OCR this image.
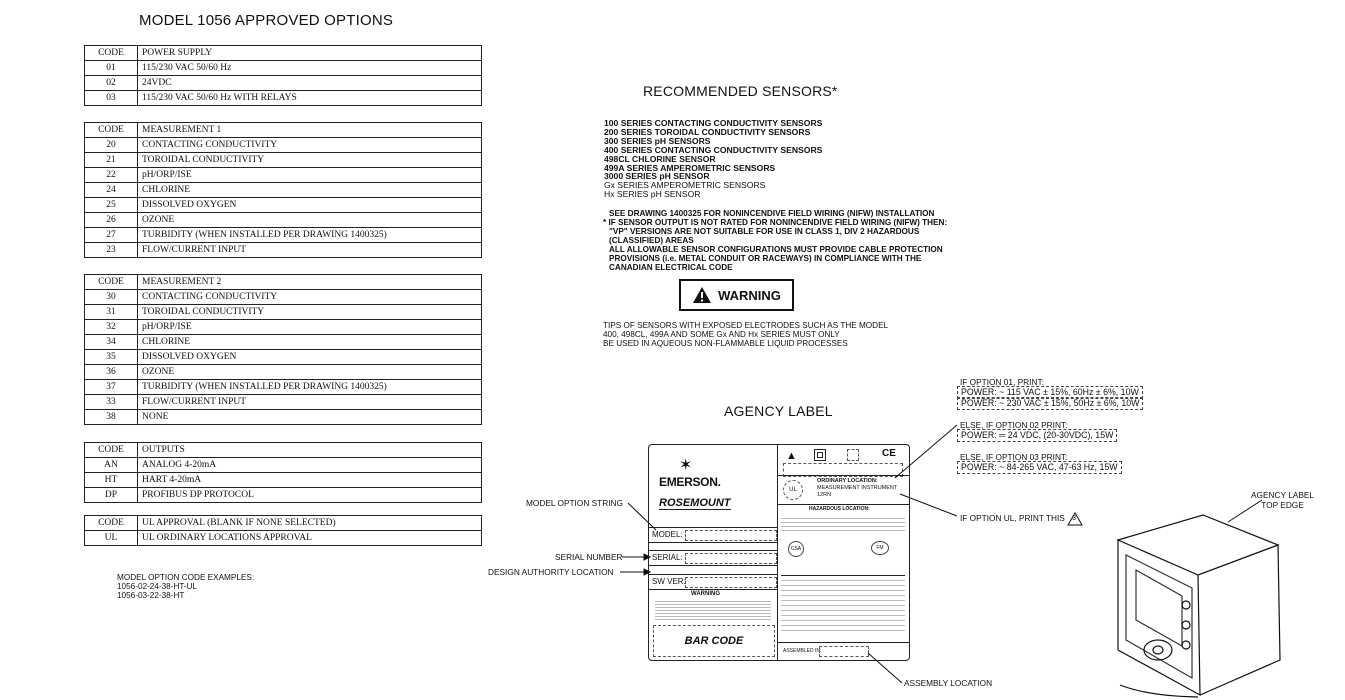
MODEL 1056 APPROVED OPTIONS
CODE	POWER SUPPLY
01	115/230 VAC 50/60 Hz
02	24VDC
03	115/230 VAC 50/60 Hz WITH RELAYS
CODE	MEASUREMENT 1
20	CONTACTING CONDUCTIVITY
21	TOROIDAL CONDUCTIVITY
22	pH/ORP/ISE
24	CHLORINE
25	DISSOLVED OXYGEN
26	OZONE
27	TURBIDITY (WHEN INSTALLED PER DRAWING 1400325)
23	FLOW/CURRENT INPUT
CODE	MEASUREMENT 2
30	CONTACTING CONDUCTIVITY
31	TOROIDAL CONDUCTIVITY
32	pH/ORP/ISE
34	CHLORINE
35	DISSOLVED OXYGEN
36	OZONE
37	TURBIDITY (WHEN INSTALLED PER DRAWING 1400325)
33	FLOW/CURRENT INPUT
38	NONE
CODE	OUTPUTS
AN	ANALOG 4-20mA
HT	HART 4-20mA
DP	PROFIBUS DP PROTOCOL
CODE	UL APPROVAL (BLANK IF NONE SELECTED)
UL	UL ORDINARY LOCATIONS APPROVAL
MODEL OPTION CODE EXAMPLES:
1056-02-24-38-HT-UL
1056-03-22-38-HT
RECOMMENDED SENSORS*
100 SERIES CONTACTING CONDUCTIVITY SENSORS
200 SERIES TOROIDAL CONDUCTIVITY SENSORS
300 SERIES pH SENSORS
400 SERIES CONTACTING CONDUCTIVITY SENSORS
498CL CHLORINE SENSOR
499A SERIES AMPEROMETRIC SENSORS
3000 SERIES pH SENSOR
Gx SERIES AMPEROMETRIC SENSORS
Hx SERIES pH SENSOR
SEE DRAWING 1400325 FOR NONINCENDIVE FIELD WIRING (NIFW) INSTALLATION
* IF SENSOR OUTPUT IS NOT RATED FOR NONINCENDIVE FIELD WIRING (NIFW) THEN:
"VP" VERSIONS ARE NOT SUITABLE FOR USE IN CLASS 1, DIV 2 HAZARDOUS
(CLASSIFIED) AREAS
ALL ALLOWABLE SENSOR CONFIGURATIONS MUST PROVIDE CABLE PROTECTION
PROVISIONS (i.e. METAL CONDUIT OR RACEWAYS) IN COMPLIANCE WITH THE
CANADIAN ELECTRICAL CODE
WARNING
TIPS OF SENSORS WITH EXPOSED ELECTRODES SUCH AS THE MODEL
400, 498CL, 499A AND SOME Gx AND Hx SERIES MUST ONLY
BE USED IN AQUEOUS NON-FLAMMABLE LIQUID PROCESSES
AGENCY LABEL
✶
EMERSON.
ROSEMOUNT
MODEL:
SERIAL:
SW VER:
WARNING
BAR CODE
▲	CE
UL
ORDINARY LOCATION:
MEASUREMENT INSTRUMENT
12RN
HAZARDOUS LOCATION:
CSA	FM
ASSEMBLED IN:
MODEL OPTION STRING
SERIAL NUMBER
DESIGN AUTHORITY LOCATION
ASSEMBLY LOCATION
IF OPTION UL, PRINT THIS 3
IF OPTION 01, PRINT:
POWER: ~ 115 VAC ± 15%, 60Hz ± 6%, 10W
POWER: ~ 230 VAC ± 15%, 50Hz ± 6%, 10W
ELSE, IF OPTION 02 PRINT:
POWER: ═ 24 VDC, (20-30VDC), 15W
ELSE, IF OPTION 03 PRINT:
POWER: ~ 84-265 VAC, 47-63 Hz, 15W
AGENCY LABEL
TOP EDGE
